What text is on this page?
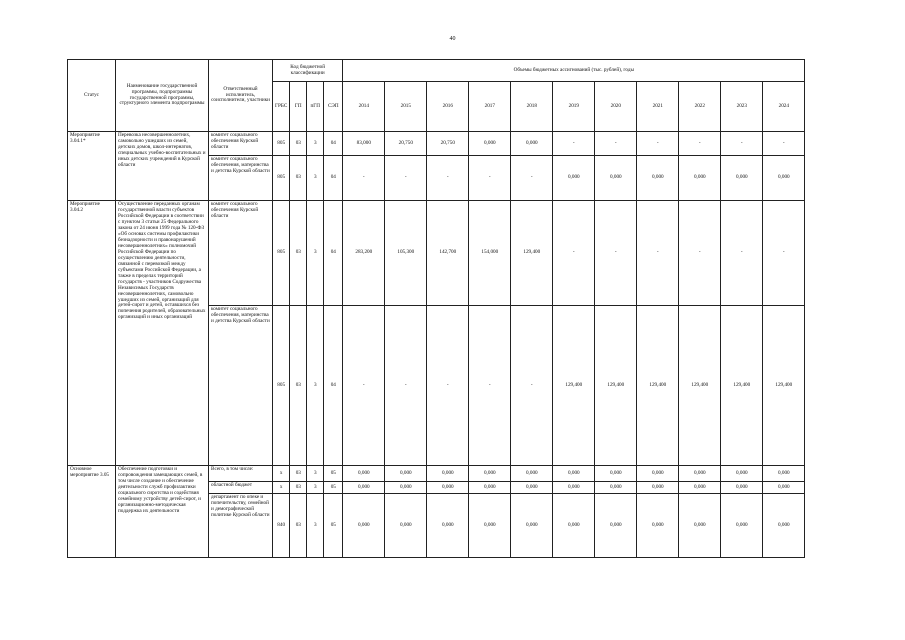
40
Статус	Наименование государственной программы, подпрограммы государственной программы, структурного элемента подпрограммы	Ответственный исполнитель, соисполнители, участники	Код бюджетной классификации				Объемы бюджетных ассигнований (тыс. рублей), годы										
			ГРБС	ГП	пГП	СЭП	2014	2015	2016	2017	2018	2019	2020	2021	2022	2023	2024
Мероприятие 3.04.1*	Перевозка несовершеннолетних, самовольно ушедших из семей, детских домов, школ-интернатов, специальных учебно-воспитательных и иных детских учреждений в Курской области	комитет социального обеспечения Курской области	805	03	3	04	83,000	20,750	20,750	0,000	0,000	-	-	-	-	-	-
		комитет социального обеспечения, материнства и детства Курской области	805	03	3	04	-	-	-	-	-	0,000	0,000	0,000	0,000	0,000	0,000
Мероприятие 3.04.2	Осуществление переданных органам государственной власти субъектов Российской Федерации в соответствии с пунктом 3 статьи 25 Федерального закона от 24 июня 1999 года № 120-ФЗ «Об основах системы профилактики безнадзорности и правонарушений несовершеннолетних» полномочий Российской Федерации по осуществлению деятельности, связанной с перевозкой между субъектами Российской Федерации, а также в пределах территорий государств - участников Содружества Независимых Государств несовершеннолетних, самовольно ушедших из семей, организаций для детей-сирот и детей, оставшихся без попечения родителей, образовательных организаций и иных организаций	комитет социального обеспечения Курской области	805	03	3	04	283,200	105,300	142,700	154,000	129,400	-	-	-	-	-	-
		комитет социального обеспечения, материнства и детства Курской области	805	03	3	04	-	-	-	-	-	129,400	129,400	129,400	129,400	129,400	129,400
Основное мероприятие 3.05	Обеспечение подготовки и сопровождения замещающих семей, в том числе создание и обеспечение деятельности служб профилактики социального сиротства и содействия семейному устройству детей-сирот, и организационно-методическая поддержка их деятельности	Всего, в том числе:	x	03	3	05	0,000	0,000	0,000	0,000	0,000	0,000	0,000	0,000	0,000	0,000	0,000
		областной бюджет	x	03	3	05	0,000	0,000	0,000	0,000	0,000	0,000	0,000	0,000	0,000	0,000	0,000
		департамент по опеке и попечительству, семейной и демографической политике Курской области	840	03	3	05	0,000	0,000	0,000	0,000	0,000	0,000	0,000	0,000	0,000	0,000	0,000
